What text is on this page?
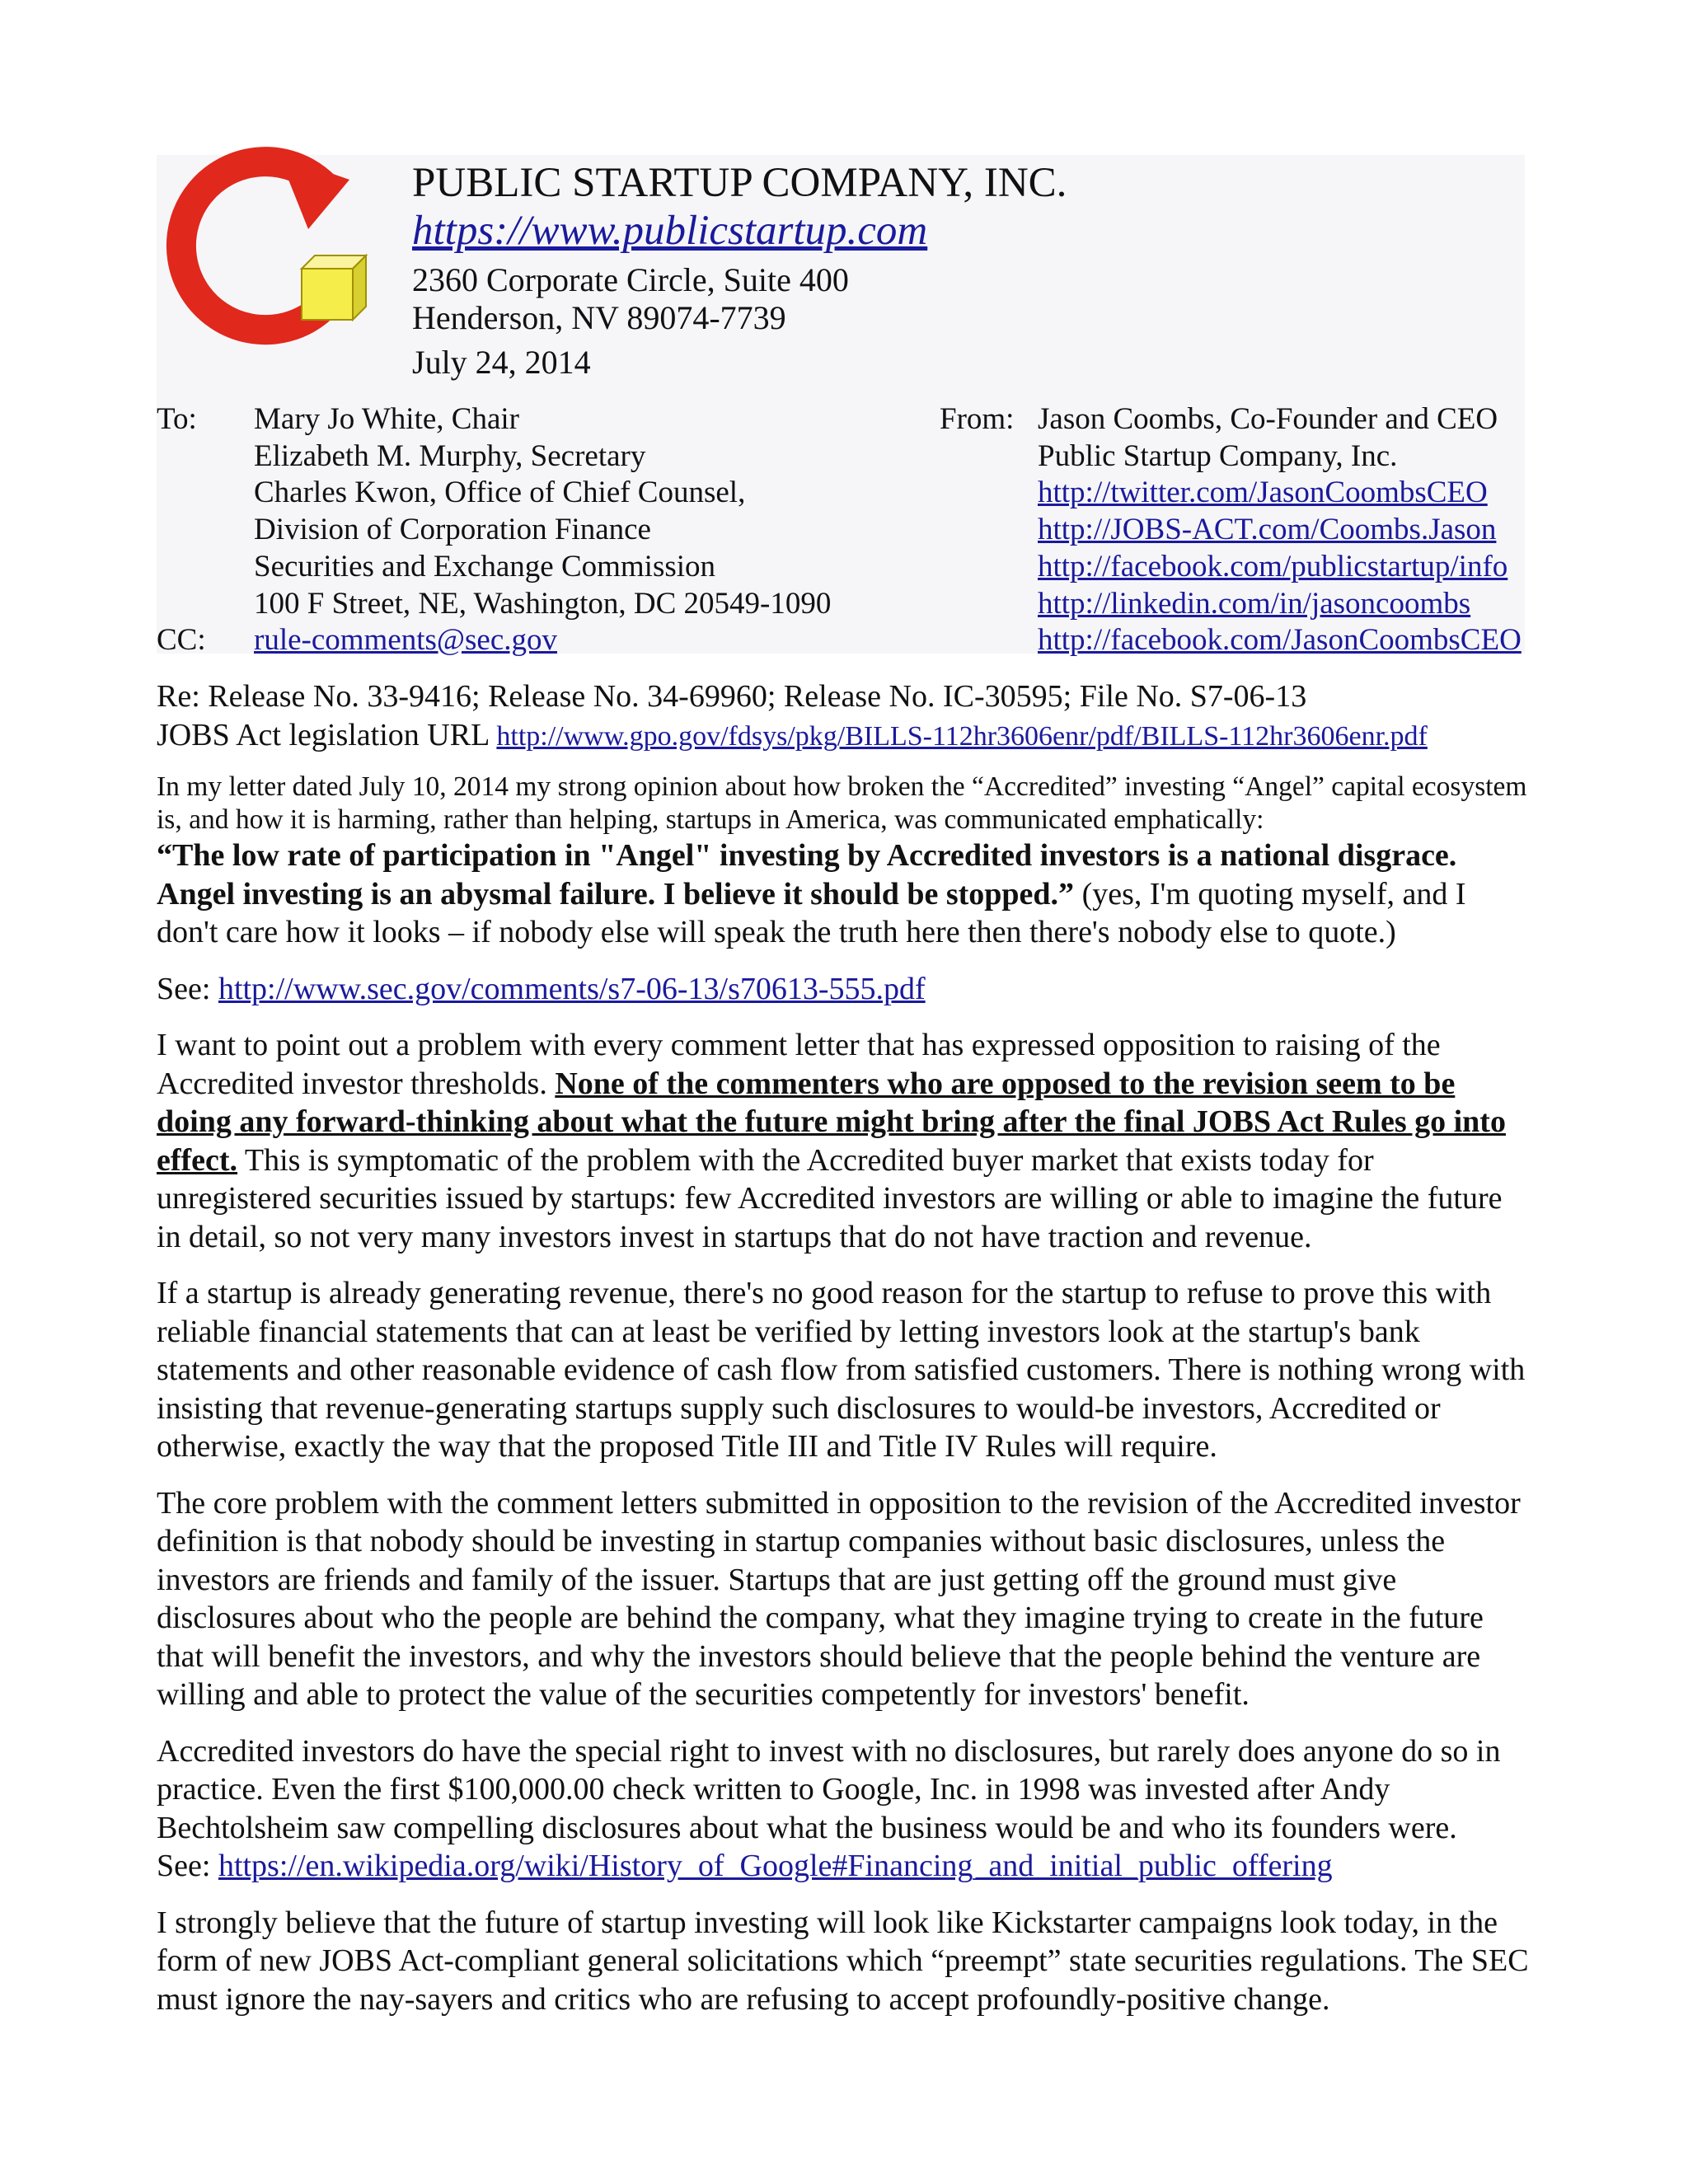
PUBLIC STARTUP COMPANY, INC.
https://www.publicstartup.com
2360 Corporate Circle, Suite 400
Henderson, NV 89074-7739
July 24, 2014
To:
CC:
Mary Jo White, Chair
Elizabeth M. Murphy, Secretary
Charles Kwon, Office of Chief Counsel,
Division of Corporation Finance
Securities and Exchange Commission
100 F Street, NE, Washington, DC 20549-1090
rule-comments@sec.gov
From: Jason Coombs, Co-Founder and CEO
Public Startup Company, Inc.
http://twitter.com/JasonCoombsCEO
http://JOBS-ACT.com/Coombs.Jason
http://facebook.com/publicstartup/info
http://linkedin.com/in/jasoncoombs
http://facebook.com/JasonCoombsCEO

Re: Release No. 33-9416; Release No. 34-69960; Release No. IC-30595; File No. S7-06-13
JOBS Act legislation URL http://www.gpo.gov/fdsys/pkg/BILLS-112hr3606enr/pdf/BILLS-112hr3606enr.pdf

In my letter dated July 10, 2014 my strong opinion about how broken the “Accredited” investing “Angel” capital ecosystem is, and how it is harming, rather than helping, startups in America, was communicated emphatically:

“The low rate of participation in "Angel" investing by Accredited investors is a national disgrace. Angel investing is an abysmal failure. I believe it should be stopped.” (yes, I'm quoting myself, and I don't care how it looks – if nobody else will speak the truth here then there's nobody else to quote.)

See: http://www.sec.gov/comments/s7-06-13/s70613-555.pdf

I want to point out a problem with every comment letter that has expressed opposition to raising of the Accredited investor thresholds. None of the commenters who are opposed to the revision seem to be doing any forward-thinking about what the future might bring after the final JOBS Act Rules go into effect. This is symptomatic of the problem with the Accredited buyer market that exists today for unregistered securities issued by startups: few Accredited investors are willing or able to imagine the future in detail, so not very many investors invest in startups that do not have traction and revenue.

If a startup is already generating revenue, there's no good reason for the startup to refuse to prove this with reliable financial statements that can at least be verified by letting investors look at the startup's bank statements and other reasonable evidence of cash flow from satisfied customers. There is nothing wrong with insisting that revenue-generating startups supply such disclosures to would-be investors, Accredited or otherwise, exactly the way that the proposed Title III and Title IV Rules will require.

The core problem with the comment letters submitted in opposition to the revision of the Accredited investor definition is that nobody should be investing in startup companies without basic disclosures, unless the investors are friends and family of the issuer. Startups that are just getting off the ground must give disclosures about who the people are behind the company, what they imagine trying to create in the future that will benefit the investors, and why the investors should believe that the people behind the venture are willing and able to protect the value of the securities competently for investors' benefit.

Accredited investors do have the special right to invest with no disclosures, but rarely does anyone do so in practice. Even the first $100,000.00 check written to Google, Inc. in 1998 was invested after Andy Bechtolsheim saw compelling disclosures about what the business would be and who its founders were.
See: https://en.wikipedia.org/wiki/History_of_Google#Financing_and_initial_public_offering

I strongly believe that the future of startup investing will look like Kickstarter campaigns look today, in the form of new JOBS Act-compliant general solicitations which “preempt” state securities regulations. The SEC must ignore the nay-sayers and critics who are refusing to accept profoundly-positive change.
